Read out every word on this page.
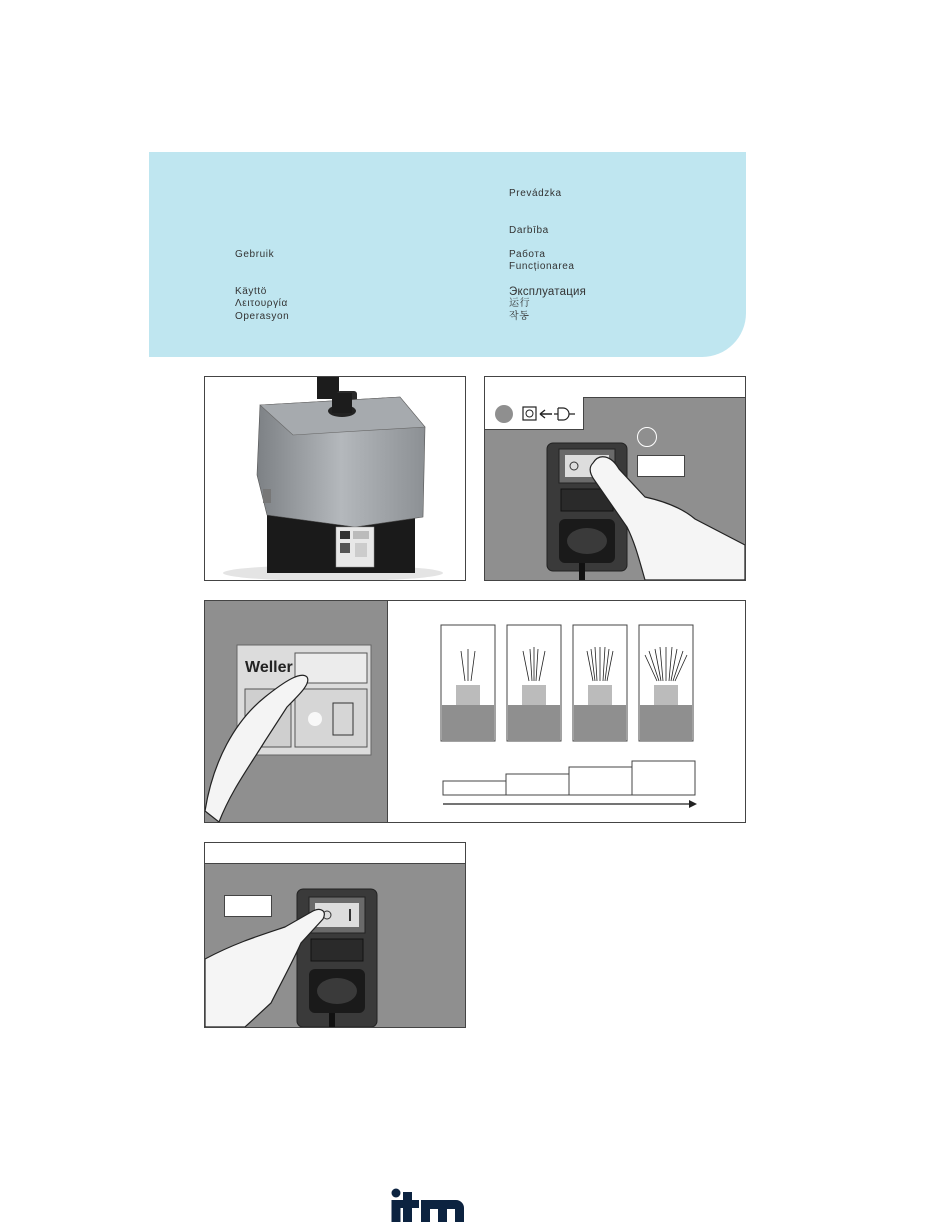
Prevádzka

Darbība

Gebruik	Работа

Funcționarea

Käyttö	Эксплуатация

Λειτουργία	运行

Operasyon	작동

Weller
